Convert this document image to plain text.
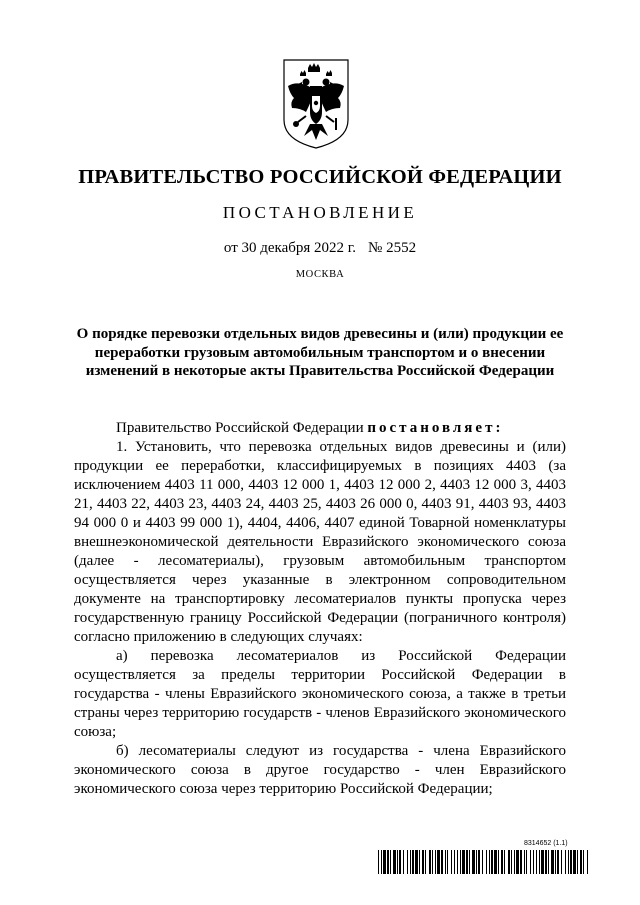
ПРАВИТЕЛЬСТВО РОССИЙСКОЙ ФЕДЕРАЦИИ
ПОСТАНОВЛЕНИЕ
от 30 декабря 2022 г. № 2552
МОСКВА
О порядке перевозки отдельных видов древесины и (или) продукции ее переработки грузовым автомобильным транспортом и о внесении изменений в некоторые акты Правительства Российской Федерации

Правительство Российской Федерации постановляет:

1. Установить, что перевозка отдельных видов древесины и (или) продукции ее переработки, классифицируемых в позициях 4403 (за исключением 4403 11 000, 4403 12 000 1, 4403 12 000 2, 4403 12 000 3, 4403 21, 4403 22, 4403 23, 4403 24, 4403 25, 4403 26 000 0, 4403 91, 4403 93, 4403 94 000 0 и 4403 99 000 1), 4404, 4406, 4407 единой Товарной номенклатуры внешнеэкономической деятельности Евразийского экономического союза (далее - лесоматериалы), грузовым автомобильным транспортом осуществляется через указанные в электронном сопроводительном документе на транспортировку лесоматериалов пункты пропуска через государственную границу Российской Федерации (пограничного контроля) согласно приложению в следующих случаях:

а) перевозка лесоматериалов из Российской Федерации осуществляется за пределы территории Российской Федерации в государства - члены Евразийского экономического союза, а также в третьи страны через территорию государств - членов Евразийского экономического союза;

б) лесоматериалы следуют из государства - члена Евразийского экономического союза в другое государство - член Евразийского экономического союза через территорию Российской Федерации;

8314652 (1.1)
